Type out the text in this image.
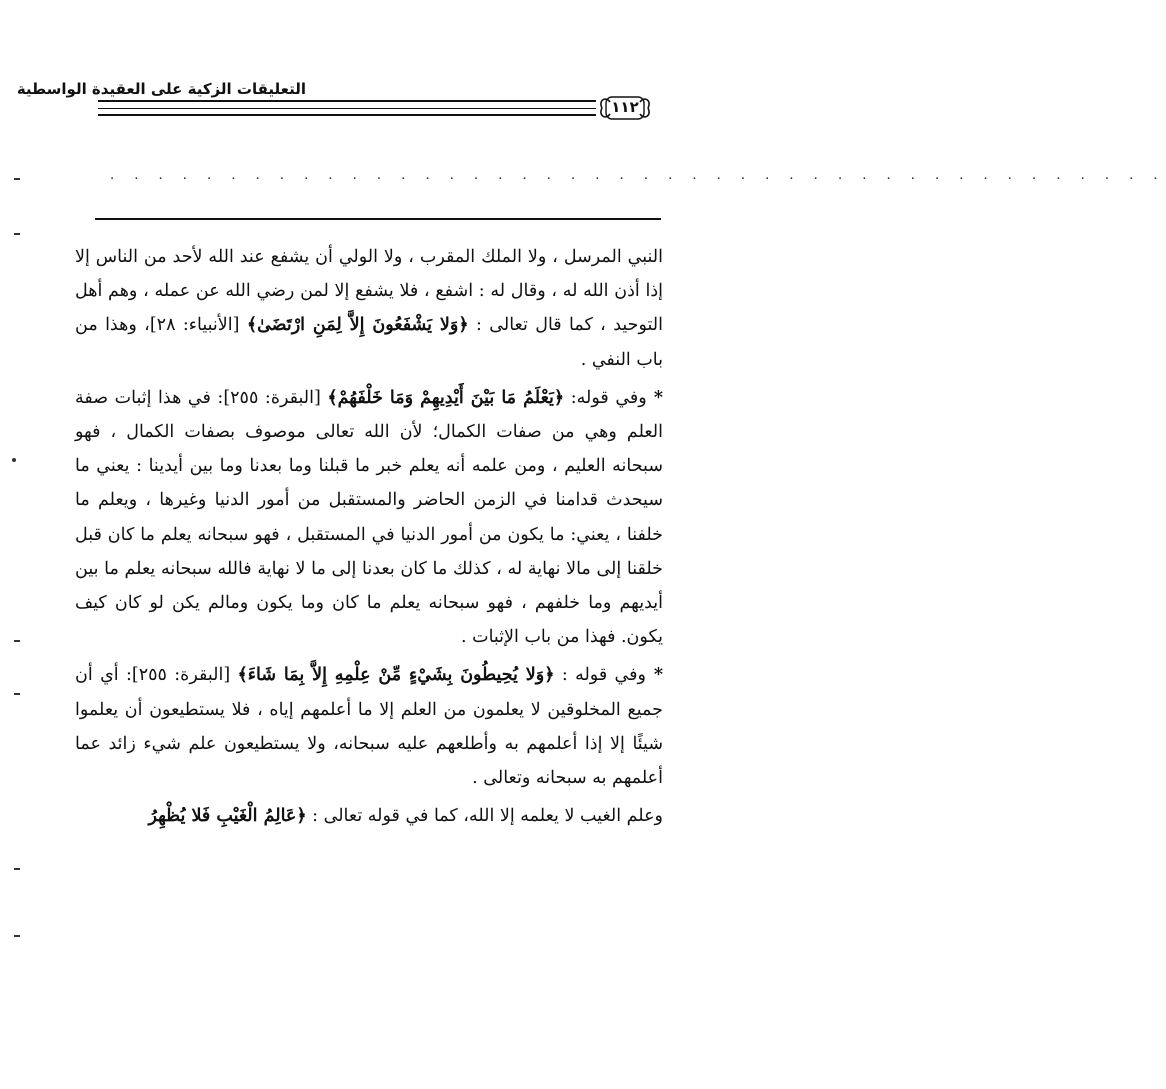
التعليقات الزكية على العقيدة الواسطية
١١٢
. . . . . . . . . . . . . . . . . . . . . . . . . . . . . . . . . . . . . . . . . . . .

النبي المرسل ، ولا الملك المقرب ، ولا الولي أن يشفع عند الله لأحد من الناس إلا إذا أذن الله له ، وقال له : اشفع ، فلا يشفع إلا لمن رضي الله عن عمله ، وهم أهل التوحيد ، كما قال تعالى : ﴿وَلا يَشْفَعُونَ إِلاَّ لِمَنِ ارْتَضَىٰ﴾ [الأنبياء: ٢٨]، وهذا من باب النفي .

* وفي قوله: ﴿يَعْلَمُ مَا بَيْنَ أَيْدِيهِمْ وَمَا خَلْفَهُمْ﴾ [البقرة: ٢٥٥]: في هذا إثبات صفة العلم وهي من صفات الكمال؛ لأن الله تعالى موصوف بصفات الكمال ، فهو سبحانه العليم ، ومن علمه أنه يعلم خبر ما قبلنا وما بعدنا وما بين أيدينا : يعني ما سيحدث قدامنا في الزمن الحاضر والمستقبل من أمور الدنيا وغيرها ، ويعلم ما خلفنا ، يعني: ما يكون من أمور الدنيا في المستقبل ، فهو سبحانه يعلم ما كان قبل خلقنا إلى مالا نهاية له ، كذلك ما كان بعدنا إلى ما لا نهاية فالله سبحانه يعلم ما بين أيديهم وما خلفهم ، فهو سبحانه يعلم ما كان وما يكون ومالم يكن لو كان كيف يكون. فهذا من باب الإثبات .

* وفي قوله : ﴿وَلا يُحِيطُونَ بِشَيْءٍ مِّنْ عِلْمِهِ إِلاَّ بِمَا شَاءَ﴾ [البقرة: ٢٥٥]: أي أن جميع المخلوقين لا يعلمون من العلم إلا ما أعلمهم إياه ، فلا يستطيعون أن يعلموا شيئًا إلا إذا أعلمهم به وأطلعهم عليه سبحانه، ولا يستطيعون علم شيء زائد عما أعلمهم به سبحانه وتعالى .

وعلم الغيب لا يعلمه إلا الله، كما في قوله تعالى : ﴿عَالِمُ الْغَيْبِ فَلا يُظْهِرُ
